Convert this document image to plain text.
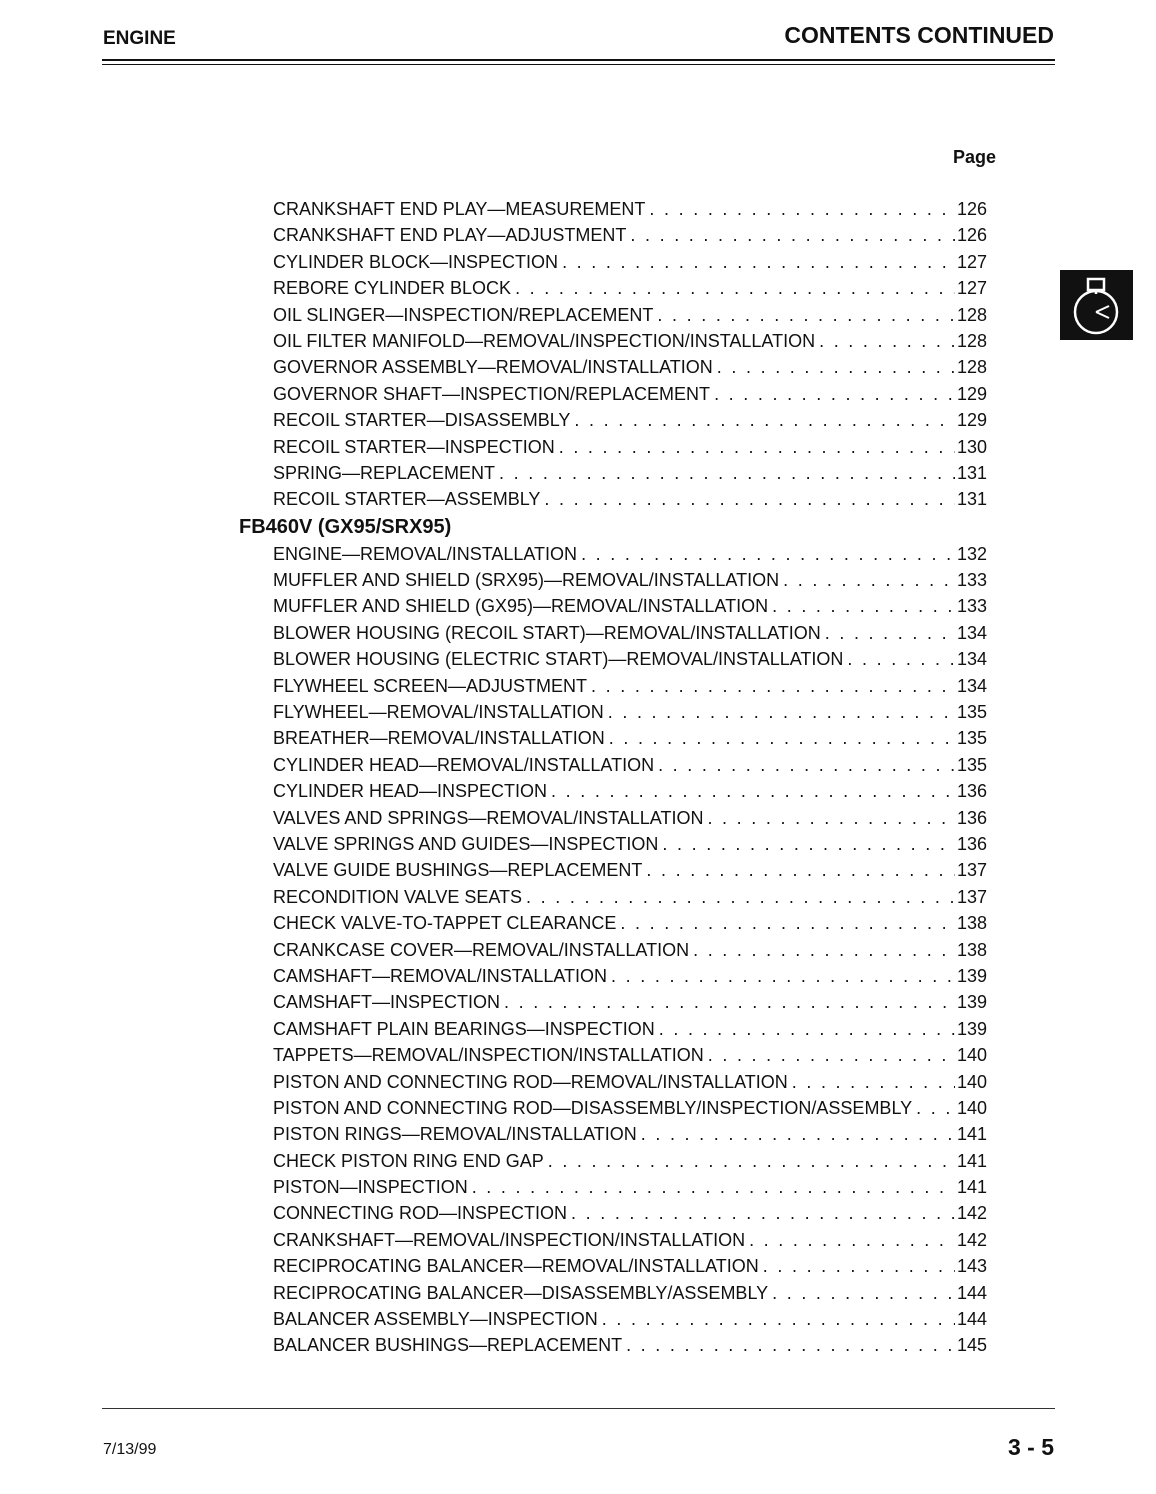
ENGINE	CONTENTS CONTINUED
Page
CRANKSHAFT END PLAY—MEASUREMENT . . .	126
CRANKSHAFT END PLAY—ADJUSTMENT . . .	126
CYLINDER BLOCK—INSPECTION . . .	127
REBORE CYLINDER BLOCK . . .	127
OIL SLINGER—INSPECTION/REPLACEMENT . . .	128
OIL FILTER MANIFOLD—REMOVAL/INSPECTION/INSTALLATION . . .	128
GOVERNOR ASSEMBLY—REMOVAL/INSTALLATION . . .	128
GOVERNOR SHAFT—INSPECTION/REPLACEMENT . . .	129
RECOIL STARTER—DISASSEMBLY . . .	129
RECOIL STARTER—INSPECTION . . .	130
SPRING—REPLACEMENT . . .	131
RECOIL STARTER—ASSEMBLY . . .	131
FB460V (GX95/SRX95)
ENGINE—REMOVAL/INSTALLATION . . .	132
MUFFLER AND SHIELD (SRX95)—REMOVAL/INSTALLATION . . .	133
MUFFLER AND SHIELD (GX95)—REMOVAL/INSTALLATION . . .	133
BLOWER HOUSING (RECOIL START)—REMOVAL/INSTALLATION . . .	134
BLOWER HOUSING (ELECTRIC START)—REMOVAL/INSTALLATION . . .	134
FLYWHEEL SCREEN—ADJUSTMENT . . .	134
FLYWHEEL—REMOVAL/INSTALLATION . . .	135
BREATHER—REMOVAL/INSTALLATION . . .	135
CYLINDER HEAD—REMOVAL/INSTALLATION . . .	135
CYLINDER HEAD—INSPECTION . . .	136
VALVES AND SPRINGS—REMOVAL/INSTALLATION . . .	136
VALVE SPRINGS AND GUIDES—INSPECTION . . .	136
VALVE GUIDE BUSHINGS—REPLACEMENT . . .	137
RECONDITION VALVE SEATS . . .	137
CHECK VALVE-TO-TAPPET CLEARANCE . . .	138
CRANKCASE COVER—REMOVAL/INSTALLATION . . .	138
CAMSHAFT—REMOVAL/INSTALLATION . . .	139
CAMSHAFT—INSPECTION . . .	139
CAMSHAFT PLAIN BEARINGS—INSPECTION . . .	139
TAPPETS—REMOVAL/INSPECTION/INSTALLATION . . .	140
PISTON AND CONNECTING ROD—REMOVAL/INSTALLATION . . .	140
PISTON AND CONNECTING ROD—DISASSEMBLY/INSPECTION/ASSEMBLY . . . 140
PISTON RINGS—REMOVAL/INSTALLATION . . .	141
CHECK PISTON RING END GAP . . .	141
PISTON—INSPECTION . . .	141
CONNECTING ROD—INSPECTION . . .	142
CRANKSHAFT—REMOVAL/INSPECTION/INSTALLATION . . .	142
RECIPROCATING BALANCER—REMOVAL/INSTALLATION . . .	143
RECIPROCATING BALANCER—DISASSEMBLY/ASSEMBLY . . .	144
BALANCER ASSEMBLY—INSPECTION . . .	144
BALANCER BUSHINGS—REPLACEMENT . . .	145
7/13/99	3 - 5
